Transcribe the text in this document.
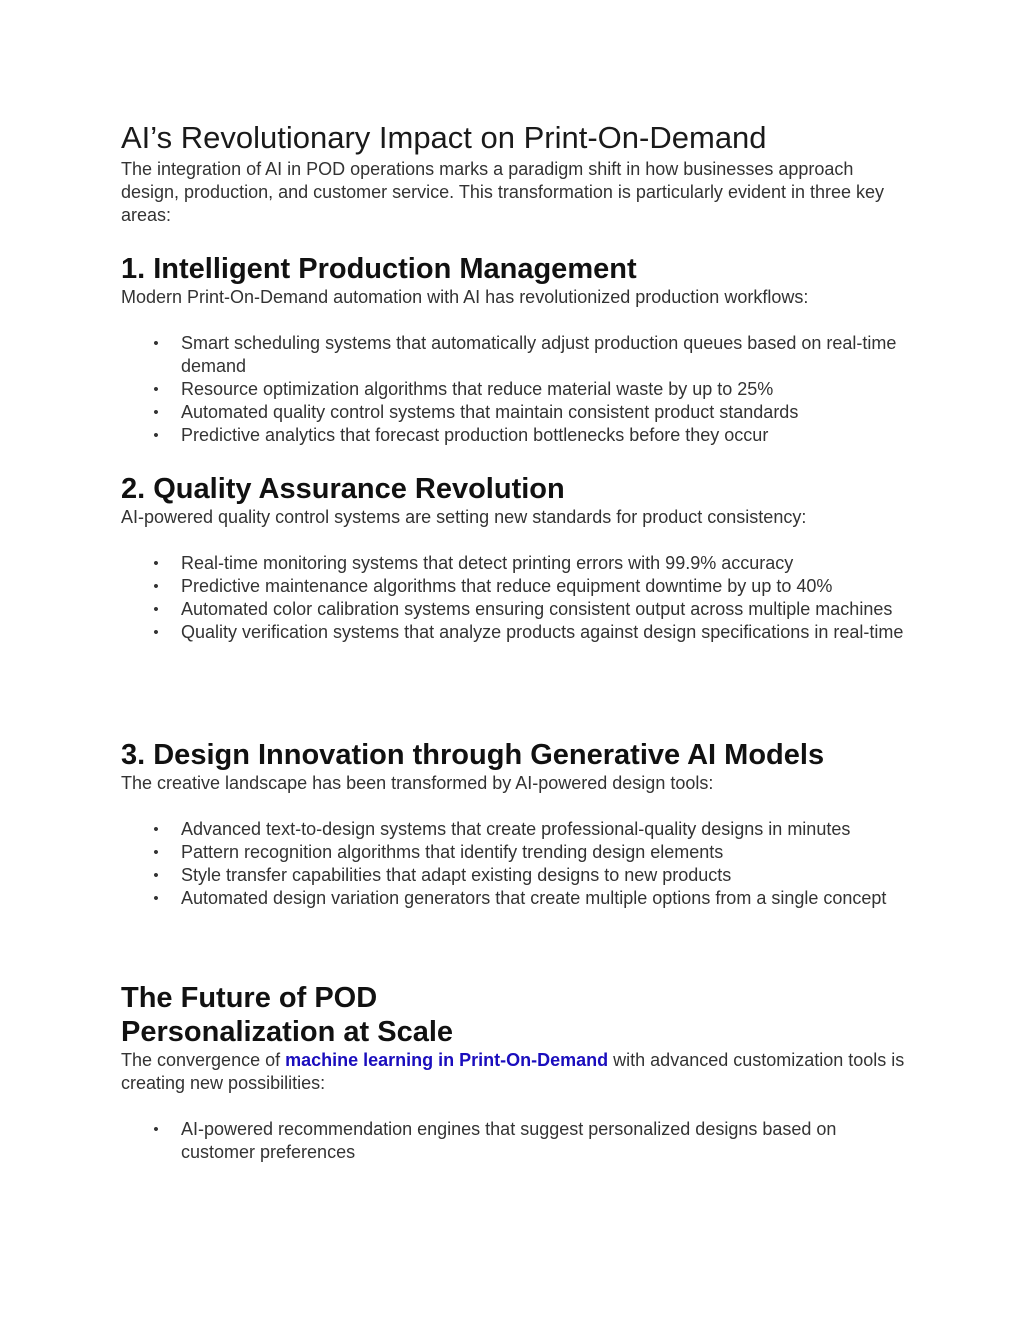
AI’s Revolutionary Impact on Print-On-Demand

The integration of AI in POD operations marks a paradigm shift in how businesses approach design, production, and customer service. This transformation is particularly evident in three key areas:

1. Intelligent Production Management

Modern Print-On-Demand automation with AI has revolutionized production workflows:

• Smart scheduling systems that automatically adjust production queues based on real-time demand
• Resource optimization algorithms that reduce material waste by up to 25%
• Automated quality control systems that maintain consistent product standards
• Predictive analytics that forecast production bottlenecks before they occur
2. Quality Assurance Revolution

AI-powered quality control systems are setting new standards for product consistency:

• Real-time monitoring systems that detect printing errors with 99.9% accuracy
• Predictive maintenance algorithms that reduce equipment downtime by up to 40%
• Automated color calibration systems ensuring consistent output across multiple machines
• Quality verification systems that analyze products against design specifications in real-time
3. Design Innovation through Generative AI Models

The creative landscape has been transformed by AI-powered design tools:

• Advanced text-to-design systems that create professional-quality designs in minutes
• Pattern recognition algorithms that identify trending design elements
• Style transfer capabilities that adapt existing designs to new products
• Automated design variation generators that create multiple options from a single concept
The Future of POD
Personalization at Scale

The convergence of machine learning in Print-On-Demand with advanced customization tools is creating new possibilities:

• AI-powered recommendation engines that suggest personalized designs based on customer preferences
